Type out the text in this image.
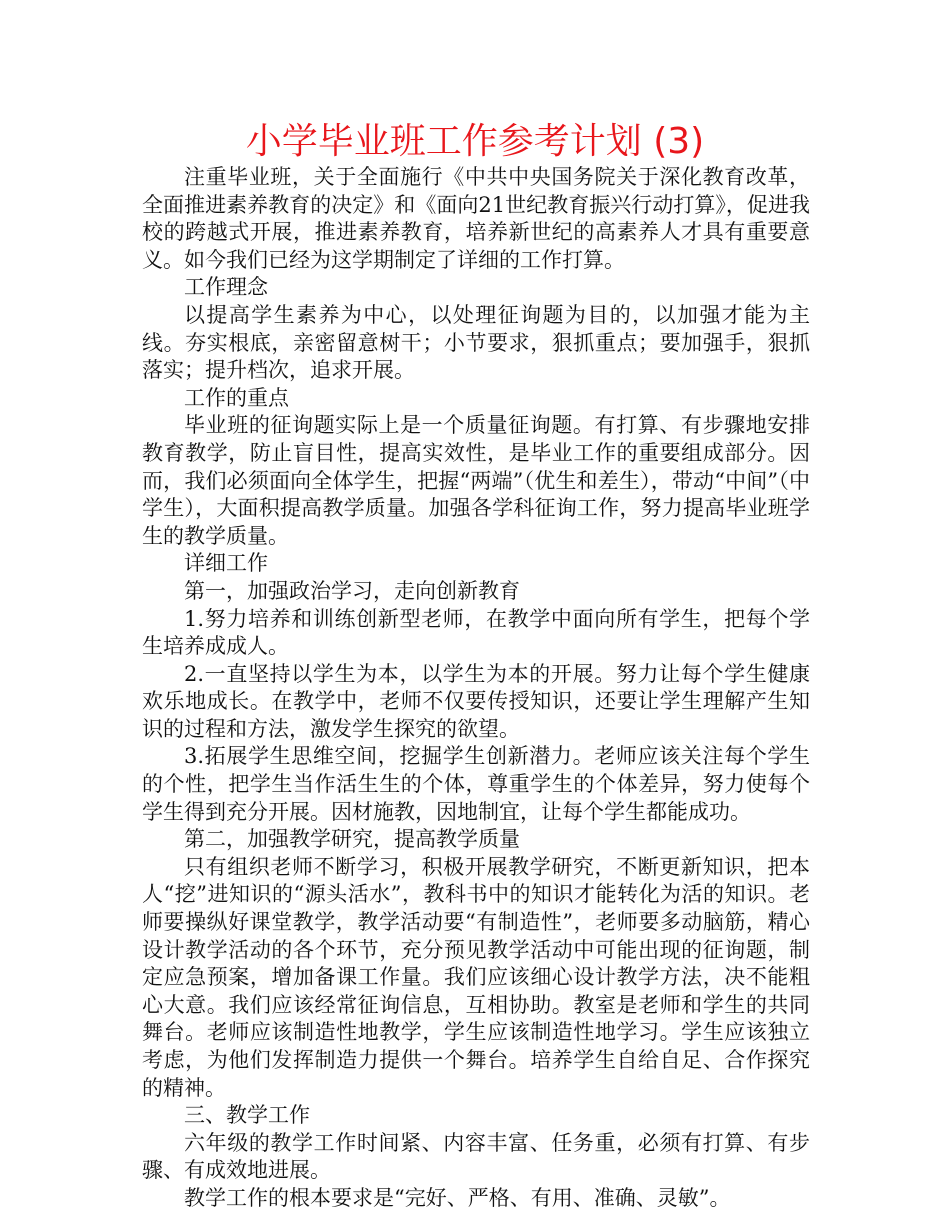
小学毕业班工作参考计划 (3)

注重毕业班，关于全面施行《中共中央国务院关于深化教育改革，全面推进素养教育的决定》和《面向21世纪教育振兴行动打算》，促进我校的跨越式开展，推进素养教育，培养新世纪的高素养人才具有重要意义。如今我们已经为这学期制定了详细的工作打算。

工作理念

以提高学生素养为中心，以处理征询题为目的，以加强才能为主线。夯实根底，亲密留意树干；小节要求，狠抓重点；要加强手，狠抓落实；提升档次，追求开展。

工作的重点

毕业班的征询题实际上是一个质量征询题。有打算、有步骤地安排教育教学，防止盲目性，提高实效性，是毕业工作的重要组成部分。因而，我们必须面向全体学生，把握“两端”（优生和差生），带动“中间”（中学生），大面积提高教学质量。加强各学科征询工作，努力提高毕业班学生的教学质量。

详细工作

第一，加强政治学习，走向创新教育

1.努力培养和训练创新型老师，在教学中面向所有学生，把每个学生培养成成人。

2.一直坚持以学生为本，以学生为本的开展。努力让每个学生健康欢乐地成长。在教学中，老师不仅要传授知识，还要让学生理解产生知识的过程和方法，激发学生探究的欲望。

3.拓展学生思维空间，挖掘学生创新潜力。老师应该关注每个学生的个性，把学生当作活生生的个体，尊重学生的个体差异，努力使每个学生得到充分开展。因材施教，因地制宜，让每个学生都能成功。

第二，加强教学研究，提高教学质量

只有组织老师不断学习，积极开展教学研究，不断更新知识，把本人“挖”进知识的“源头活水”，教科书中的知识才能转化为活的知识。老师要操纵好课堂教学，教学活动要“有制造性”，老师要多动脑筋，精心设计教学活动的各个环节，充分预见教学活动中可能出现的征询题，制定应急预案，增加备课工作量。我们应该细心设计教学方法，决不能粗心大意。我们应该经常征询信息，互相协助。教室是老师和学生的共同舞台。老师应该制造性地教学，学生应该制造性地学习。学生应该独立考虑，为他们发挥制造力提供一个舞台。培养学生自给自足、合作探究的精神。

三、教学工作

六年级的教学工作时间紧、内容丰富、任务重，必须有打算、有步骤、有成效地进展。

教学工作的根本要求是“完好、严格、有用、准确、灵敏”。
